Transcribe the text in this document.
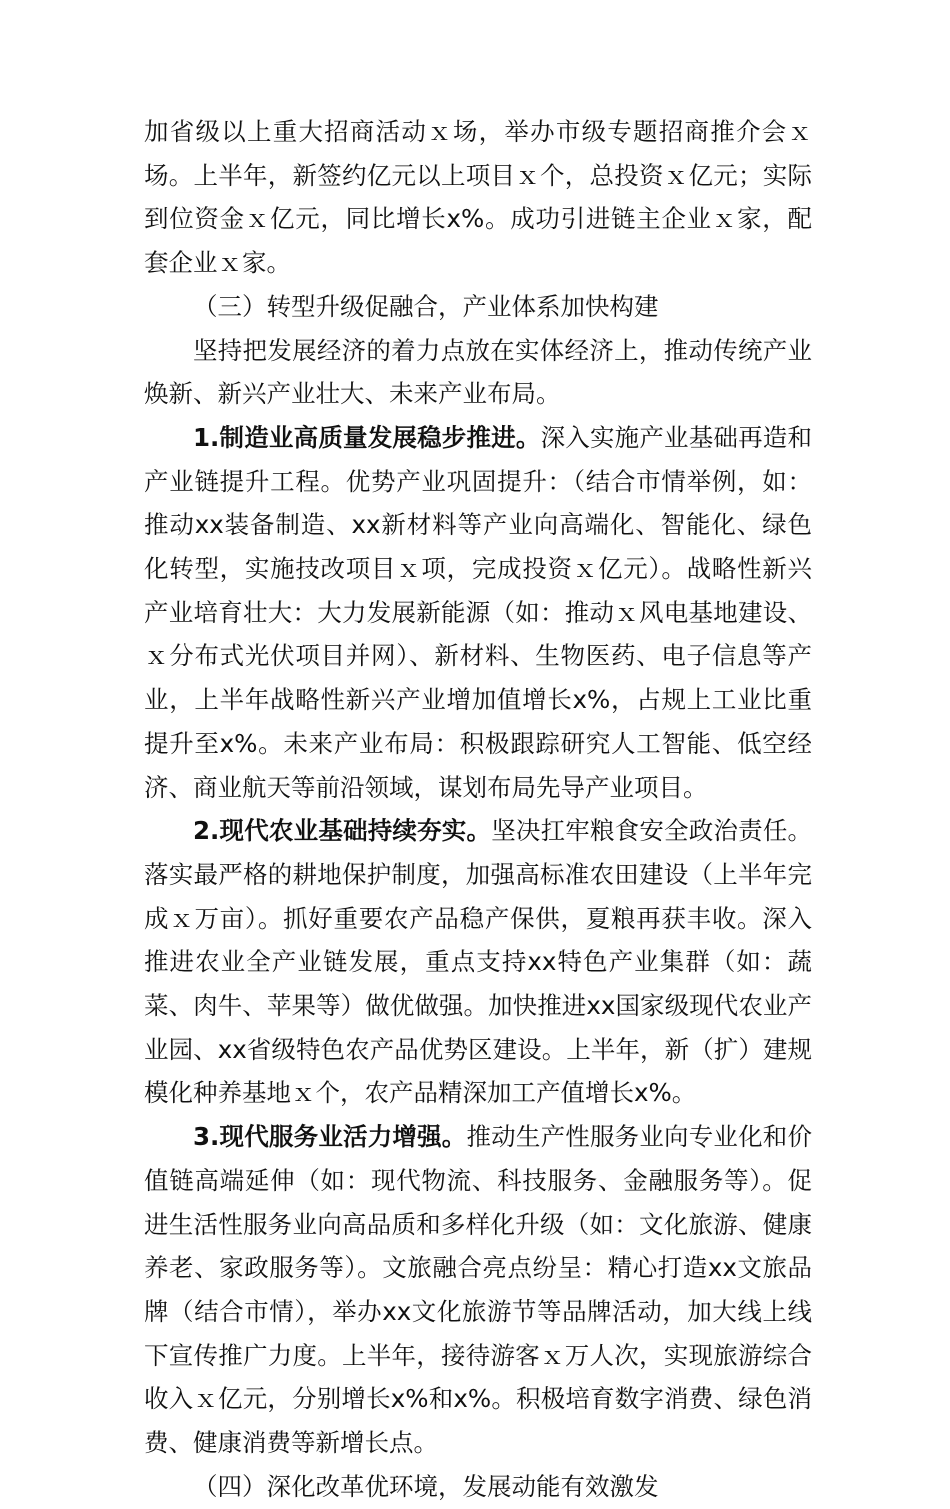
加省级以上重大招商活动ｘ场，举办市级专题招商推介会ｘ场。上半年，新签约亿元以上项目ｘ个，总投资ｘ亿元；实际到位资金ｘ亿元，同比增长x%。成功引进链主企业ｘ家，配套企业ｘ家。

（三）转型升级促融合，产业体系加快构建

坚持把发展经济的着力点放在实体经济上，推动传统产业焕新、新兴产业壮大、未来产业布局。

1.制造业高质量发展稳步推进。深入实施产业基础再造和产业链提升工程。优势产业巩固提升：（结合市情举例，如：推动xx装备制造、xx新材料等产业向高端化、智能化、绿色化转型，实施技改项目ｘ项，完成投资ｘ亿元）。战略性新兴产业培育壮大：大力发展新能源（如：推动ｘ风电基地建设、ｘ分布式光伏项目并网）、新材料、生物医药、电子信息等产业，上半年战略性新兴产业增加值增长x%，占规上工业比重提升至x%。未来产业布局：积极跟踪研究人工智能、低空经济、商业航天等前沿领域，谋划布局先导产业项目。

2.现代农业基础持续夯实。坚决扛牢粮食安全政治责任。落实最严格的耕地保护制度，加强高标准农田建设（上半年完成ｘ万亩）。抓好重要农产品稳产保供，夏粮再获丰收。深入推进农业全产业链发展，重点支持xx特色产业集群（如：蔬菜、肉牛、苹果等）做优做强。加快推进xx国家级现代农业产业园、xx省级特色农产品优势区建设。上半年，新（扩）建规模化种养基地ｘ个，农产品精深加工产值增长x%。

3.现代服务业活力增强。推动生产性服务业向专业化和价值链高端延伸（如：现代物流、科技服务、金融服务等）。促进生活性服务业向高品质和多样化升级（如：文化旅游、健康养老、家政服务等）。文旅融合亮点纷呈：精心打造xx文旅品牌（结合市情），举办xx文化旅游节等品牌活动，加大线上线下宣传推广力度。上半年，接待游客ｘ万人次，实现旅游综合收入ｘ亿元，分别增长x%和x%。积极培育数字消费、绿色消费、健康消费等新增长点。

（四）深化改革优环境，发展动能有效激发
